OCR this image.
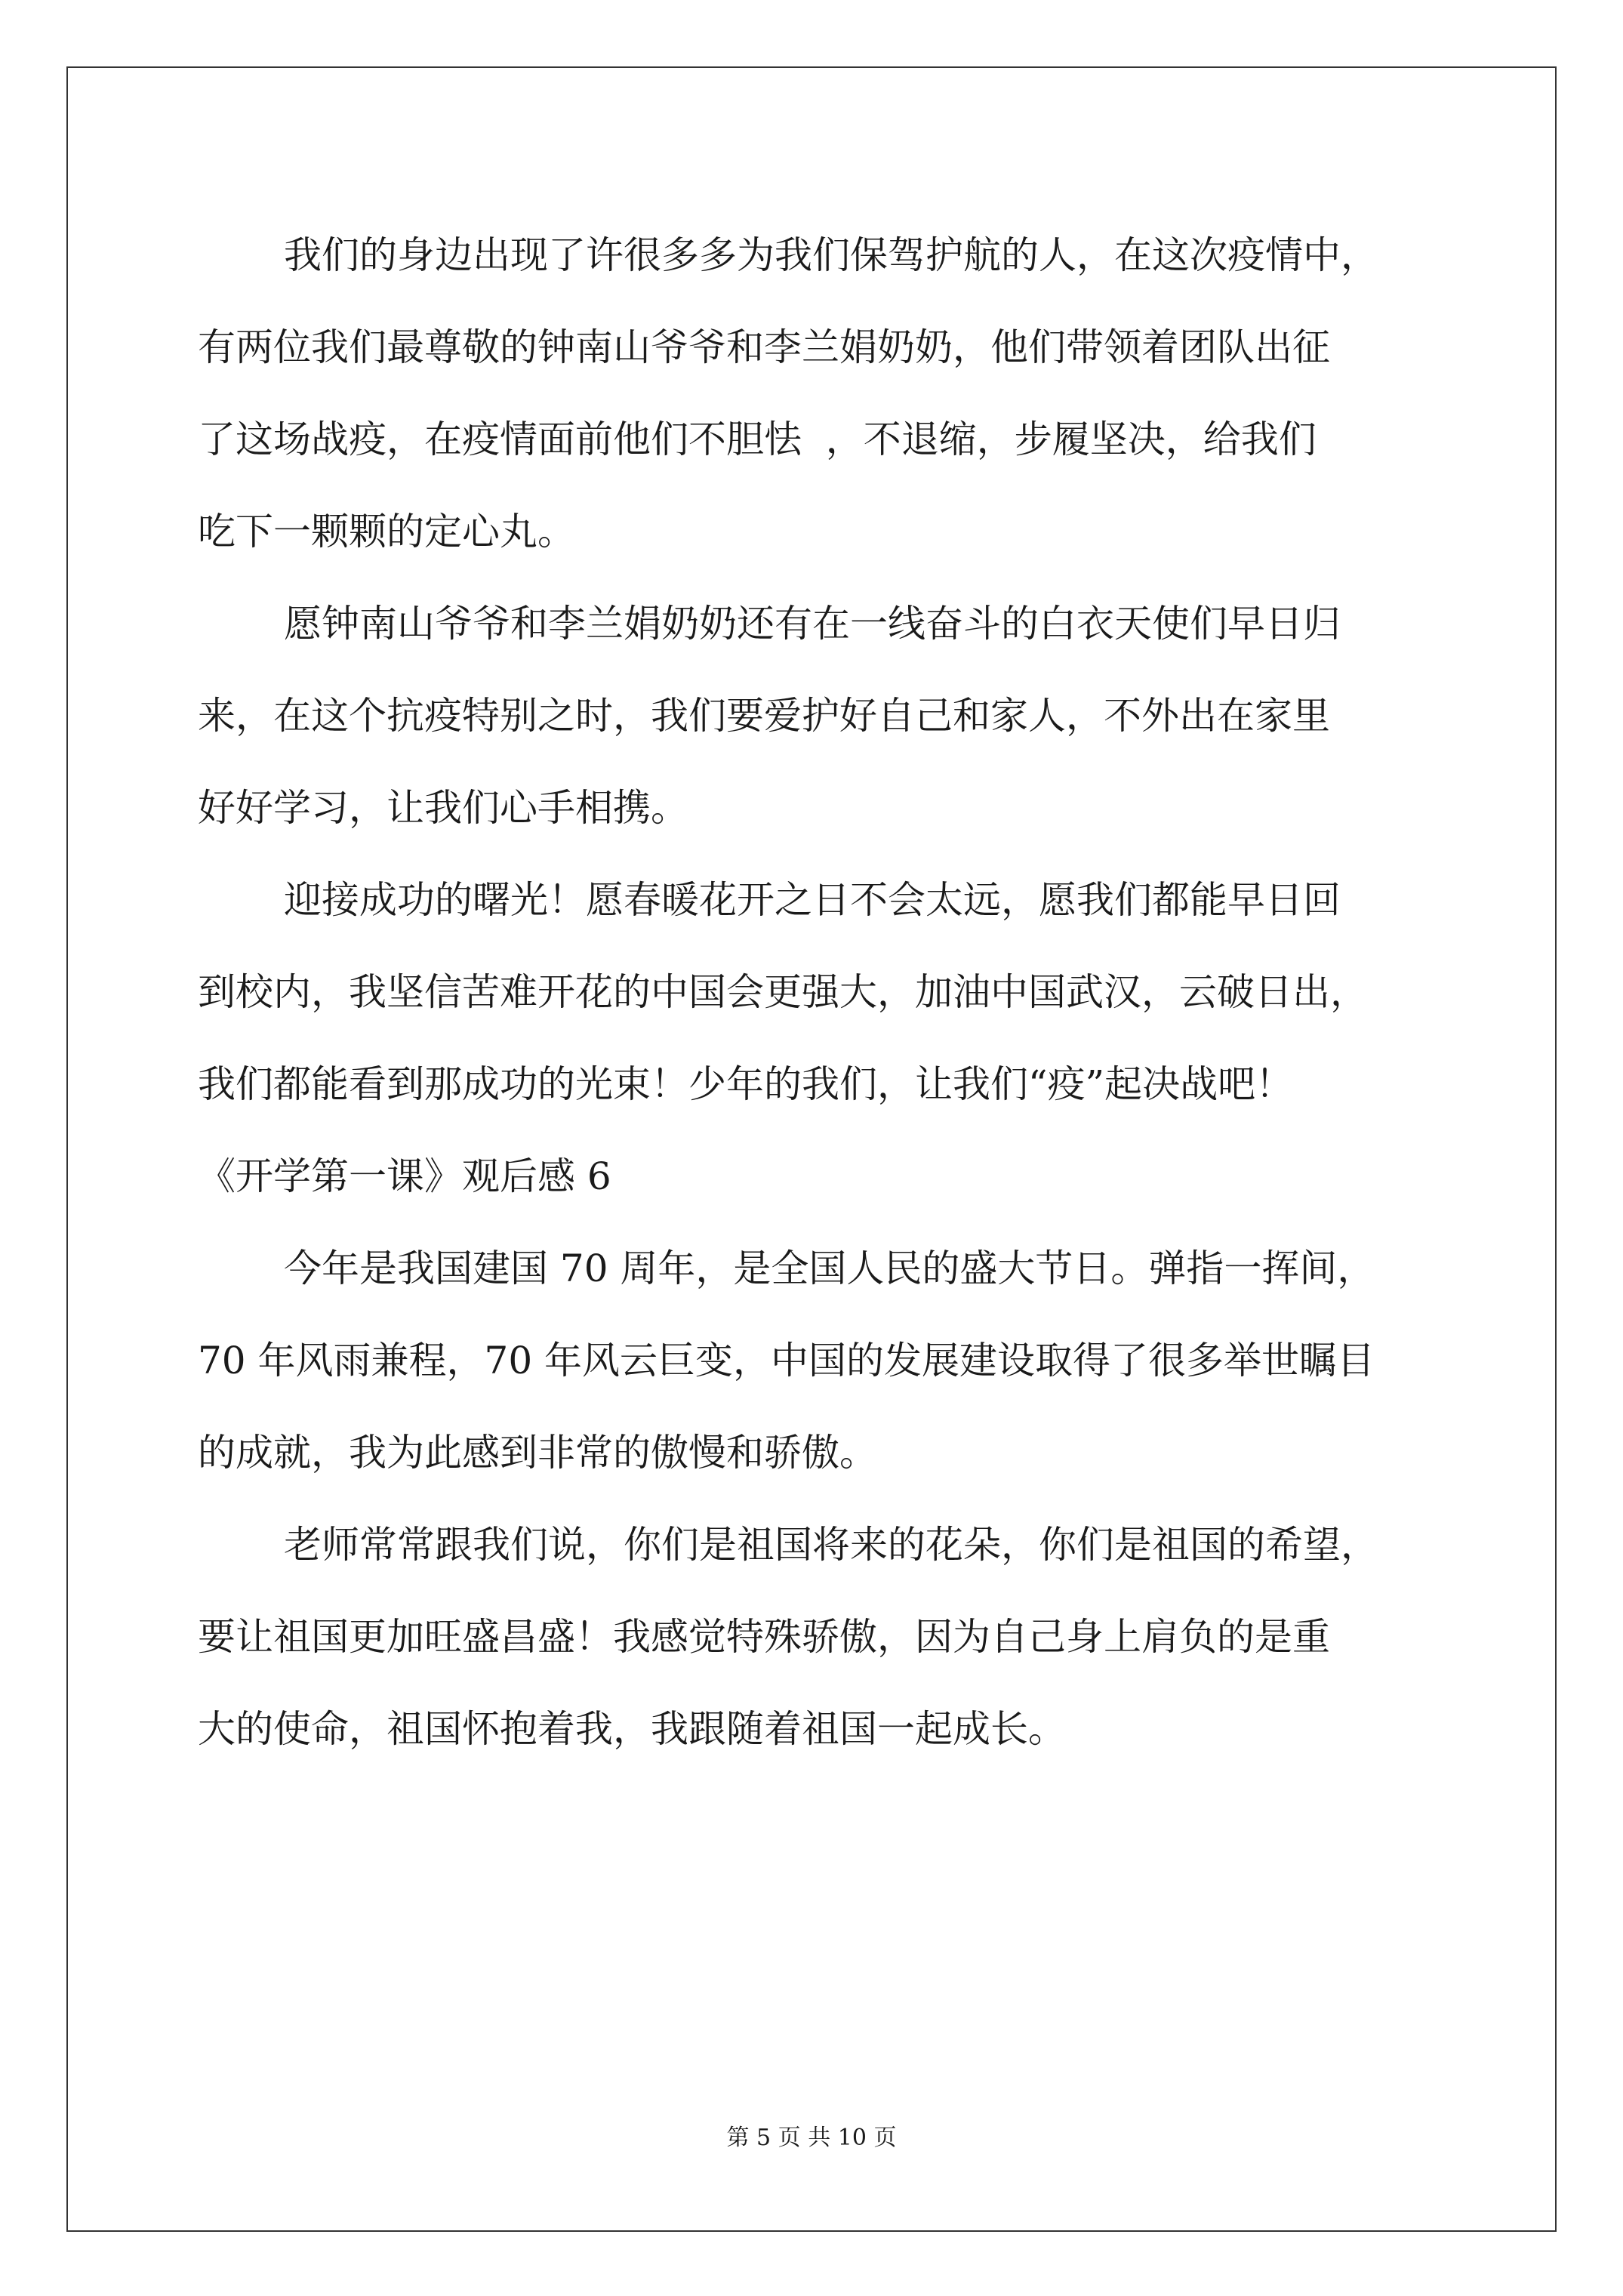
我们的身边出现了许很多多为我们保驾护航的人，在这次疫情中，
有两位我们最尊敬的钟南山爷爷和李兰娟奶奶，他们带领着团队出征
了这场战疫，在疫情面前他们不胆怯  ，不退缩，步履坚决，给我们
吃下一颗颗的定心丸。
愿钟南山爷爷和李兰娟奶奶还有在一线奋斗的白衣天使们早日归
来，在这个抗疫特别之时，我们要爱护好自己和家人，不外出在家里
好好学习，让我们心手相携。
迎接成功的曙光！愿春暖花开之日不会太远，愿我们都能早日回
到校内，我坚信苦难开花的中国会更强大，加油中国武汉，云破日出，
我们都能看到那成功的光束！少年的我们，让我们“疫”起决战吧！
《开学第一课》观后感 6
今年是我国建国 70 周年，是全国人民的盛大节日。弹指一挥间，
70 年风雨兼程，70 年风云巨变，中国的发展建设取得了很多举世瞩目
的成就，我为此感到非常的傲慢和骄傲。
老师常常跟我们说，你们是祖国将来的花朵，你们是祖国的希望，
要让祖国更加旺盛昌盛！我感觉特殊骄傲，因为自己身上肩负的是重
大的使命，祖国怀抱着我，我跟随着祖国一起成长。
第 5 页 共 10 页
